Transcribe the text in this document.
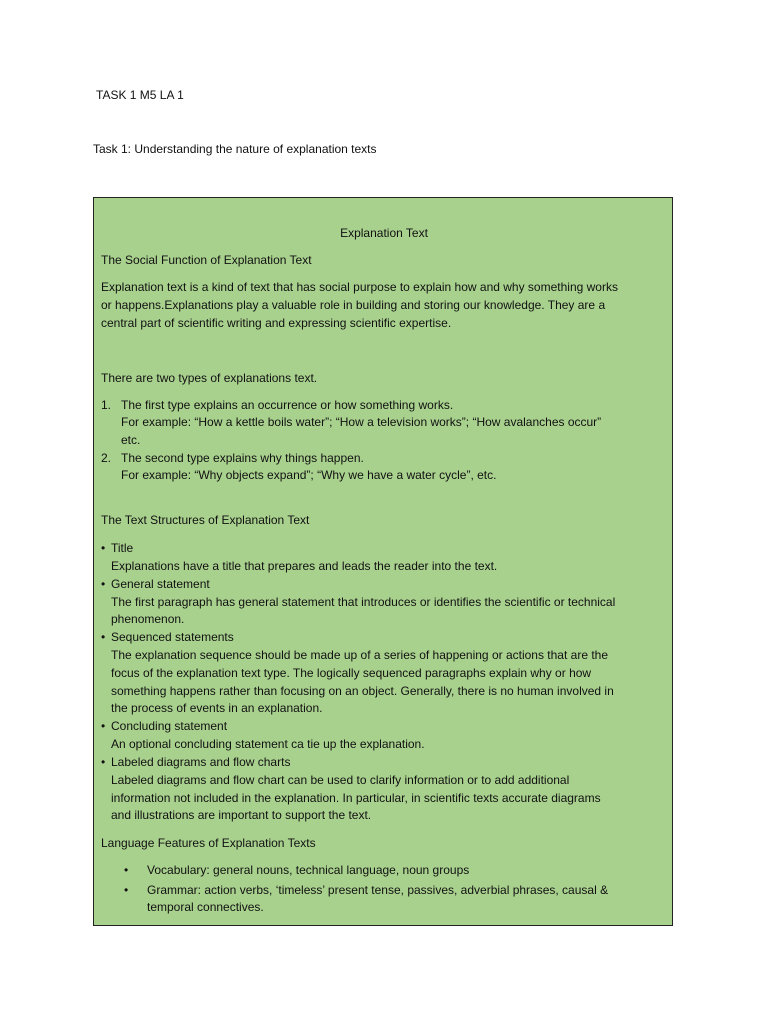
TASK 1 M5 LA 1
Task 1: Understanding the nature of explanation texts
Explanation Text
The Social Function of Explanation Text
Explanation text is a kind of text that has social purpose to explain how and why something works
or happens.Explanations play a valuable role in building and storing our knowledge. They are a
central part of scientific writing and expressing scientific expertise.
There are two types of explanations text.
1. The first type explains an occurrence or how something works.
For example: “How a kettle boils water”; “How a television works”; “How avalanches occur”
etc.
2. The second type explains why things happen.
For example: “Why objects expand”; “Why we have a water cycle”, etc.
The Text Structures of Explanation Text
• Title
Explanations have a title that prepares and leads the reader into the text.
• General statement
The first paragraph has general statement that introduces or identifies the scientific or technical
phenomenon.
• Sequenced statements
The explanation sequence should be made up of a series of happening or actions that are the
focus of the explanation text type. The logically sequenced paragraphs explain why or how
something happens rather than focusing on an object. Generally, there is no human involved in
the process of events in an explanation.
• Concluding statement
An optional concluding statement ca tie up the explanation.
• Labeled diagrams and flow charts
Labeled diagrams and flow chart can be used to clarify information or to add additional
information not included in the explanation. In particular, in scientific texts accurate diagrams
and illustrations are important to support the text.
Language Features of Explanation Texts
• Vocabulary: general nouns, technical language, noun groups
• Grammar: action verbs, ‘timeless’ present tense, passives, adverbial phrases, causal &
temporal connectives.
